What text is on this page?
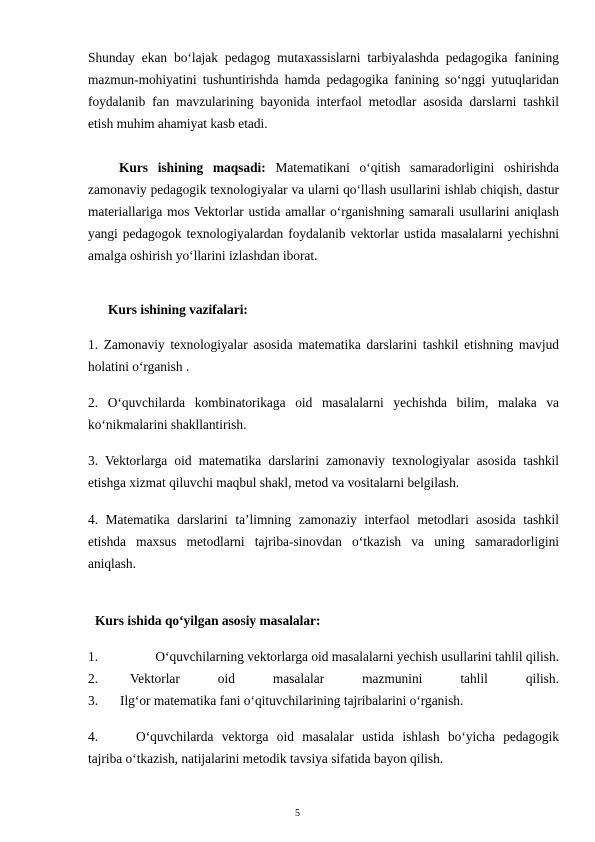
Shunday ekan bo‘lajak pedagog mutaxassislarni tarbiyalashda pedagogika fanining mazmun-mohiyatini tushuntirishda hamda pedagogika fanining so‘nggi yutuqlaridan foydalanib fan mavzularining bayonida interfaol metodlar asosida darslarni tashkil etish muhim ahamiyat kasb etadi.

Kurs ishining maqsadi: Matematikani o‘qitish samaradorligini oshirishda zamonaviy pedagogik texnologiyalar va ularni qo‘llash usullarini ishlab chiqish, dastur materiallariga mos Vektorlar ustida amallar o‘rganishning samarali usullarini aniqlash yangi pedagogok texnologiyalardan foydalanib vektorlar ustida masalalarni yechishni amalga oshirish yo‘llarini izlashdan iborat.

Kurs ishining vazifalari:

1. Zamonaviy texnologiyalar asosida matematika darslarini tashkil etishning mavjud holatini o‘rganish .

2. O‘quvchilarda kombinatorikaga oid masalalarni yechishda bilim, malaka va ko‘nikmalarini shakllantirish.

3. Vektorlarga oid matematika darslarini zamonaviy texnologiyalar asosida tashkil etishga xizmat qiluvchi maqbul shakl, metod va vositalarni belgilash.

4. Matematika darslarini ta’limning zamonaziy interfaol metodlari asosida tashkil etishda maxsus metodlarni tajriba-sinovdan o‘tkazish va uning samaradorligini aniqlash.

Kurs ishida qo‘yilgan asosiy masalalar:
1.	O‘quvchilarning vektorlarga oid masalalarni yechish usullarini tahlil qilish.
2. Vektorlar	oid	masalalar	mazmunini	tahlil	qilish.
3. Ilg‘or matematika fani o‘qituvchilarining tajribalarini o‘rganish.

4.	O‘quvchilarda vektorga oid masalalar ustida ishlash bo‘yicha pedagogik tajriba o‘tkazish, natijalarini metodik tavsiya sifatida bayon qilish.

5
